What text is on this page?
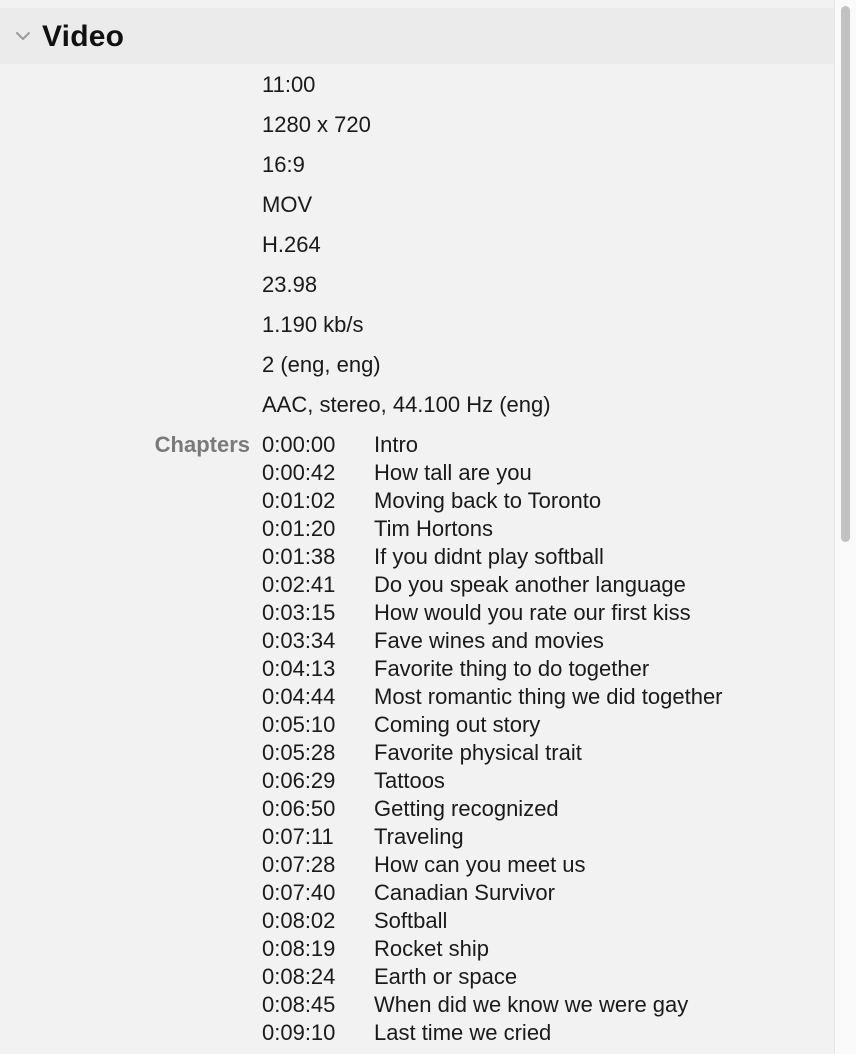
Video
11:00
1280 x 720
16:9
MOV
H.264
23.98
1.190 kb/s
2 (eng, eng)
AAC, stereo, 44.100 Hz (eng)
Chapters 0:00:00 Intro
0:00:42 How tall are you
0:01:02 Moving back to Toronto
0:01:20 Tim Hortons
0:01:38 If you didnt play softball
0:02:41 Do you speak another language
0:03:15 How would you rate our first kiss
0:03:34 Fave wines and movies
0:04:13 Favorite thing to do together
0:04:44 Most romantic thing we did together
0:05:10 Coming out story
0:05:28 Favorite physical trait
0:06:29 Tattoos
0:06:50 Getting recognized
0:07:11 Traveling
0:07:28 How can you meet us
0:07:40 Canadian Survivor
0:08:02 Softball
0:08:19 Rocket ship
0:08:24 Earth or space
0:08:45 When did we know we were gay
0:09:10 Last time we cried
